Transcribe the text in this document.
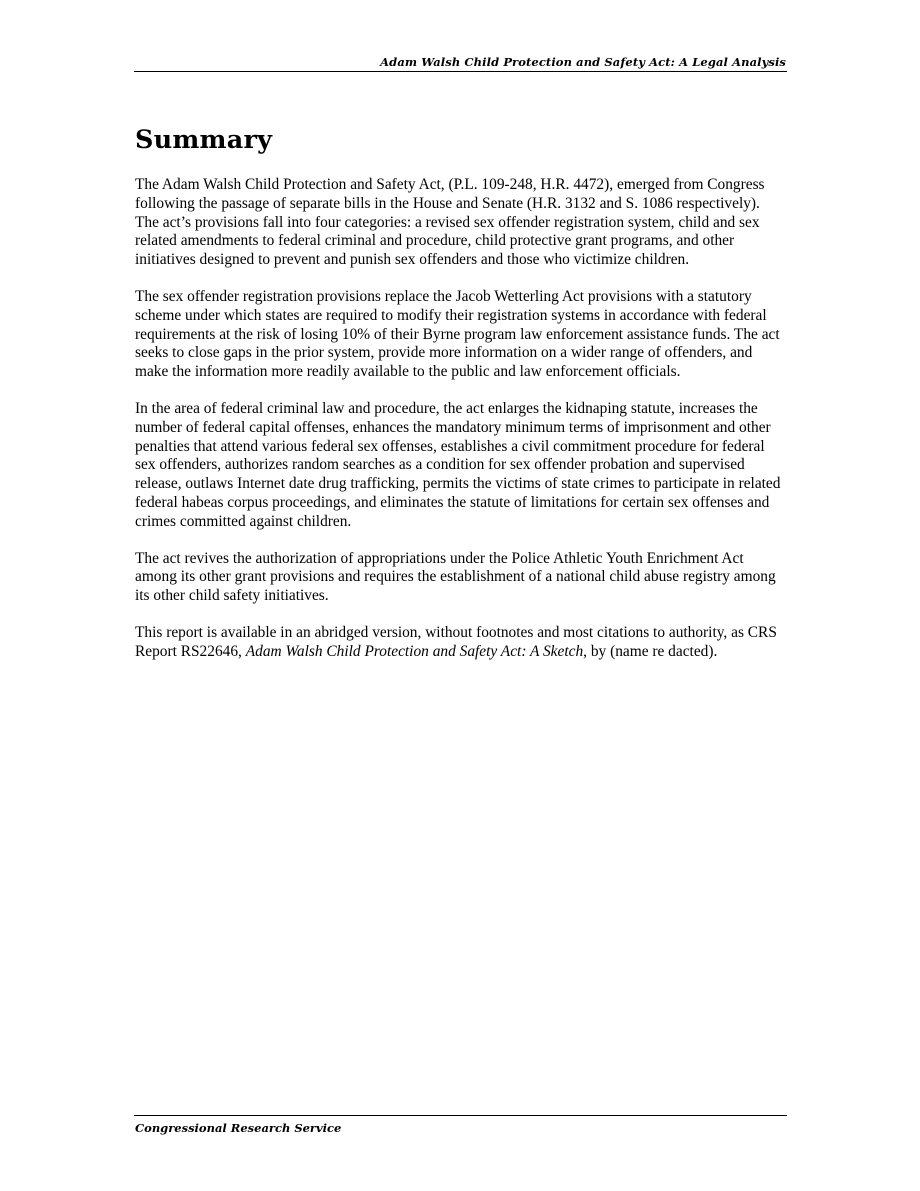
Adam Walsh Child Protection and Safety Act: A Legal Analysis
Summary

The Adam Walsh Child Protection and Safety Act, (P.L. 109-248, H.R. 4472), emerged from Congress following the passage of separate bills in the House and Senate (H.R. 3132 and S. 1086 respectively). The act’s provisions fall into four categories: a revised sex offender registration system, child and sex related amendments to federal criminal and procedure, child protective grant programs, and other initiatives designed to prevent and punish sex offenders and those who victimize children.

The sex offender registration provisions replace the Jacob Wetterling Act provisions with a statutory scheme under which states are required to modify their registration systems in accordance with federal requirements at the risk of losing 10% of their Byrne program law enforcement assistance funds. The act seeks to close gaps in the prior system, provide more information on a wider range of offenders, and make the information more readily available to the public and law enforcement officials.

In the area of federal criminal law and procedure, the act enlarges the kidnaping statute, increases the number of federal capital offenses, enhances the mandatory minimum terms of imprisonment and other penalties that attend various federal sex offenses, establishes a civil commitment procedure for federal sex offenders, authorizes random searches as a condition for sex offender probation and supervised release, outlaws Internet date drug trafficking, permits the victims of state crimes to participate in related federal habeas corpus proceedings, and eliminates the statute of limitations for certain sex offenses and crimes committed against children.

The act revives the authorization of appropriations under the Police Athletic Youth Enrichment Act among its other grant provisions and requires the establishment of a national child abuse registry among its other child safety initiatives.

This report is available in an abridged version, without footnotes and most citations to authority, as CRS Report RS22646, Adam Walsh Child Protection and Safety Act: A Sketch, by (name re dacted).

Congressional Research Service
